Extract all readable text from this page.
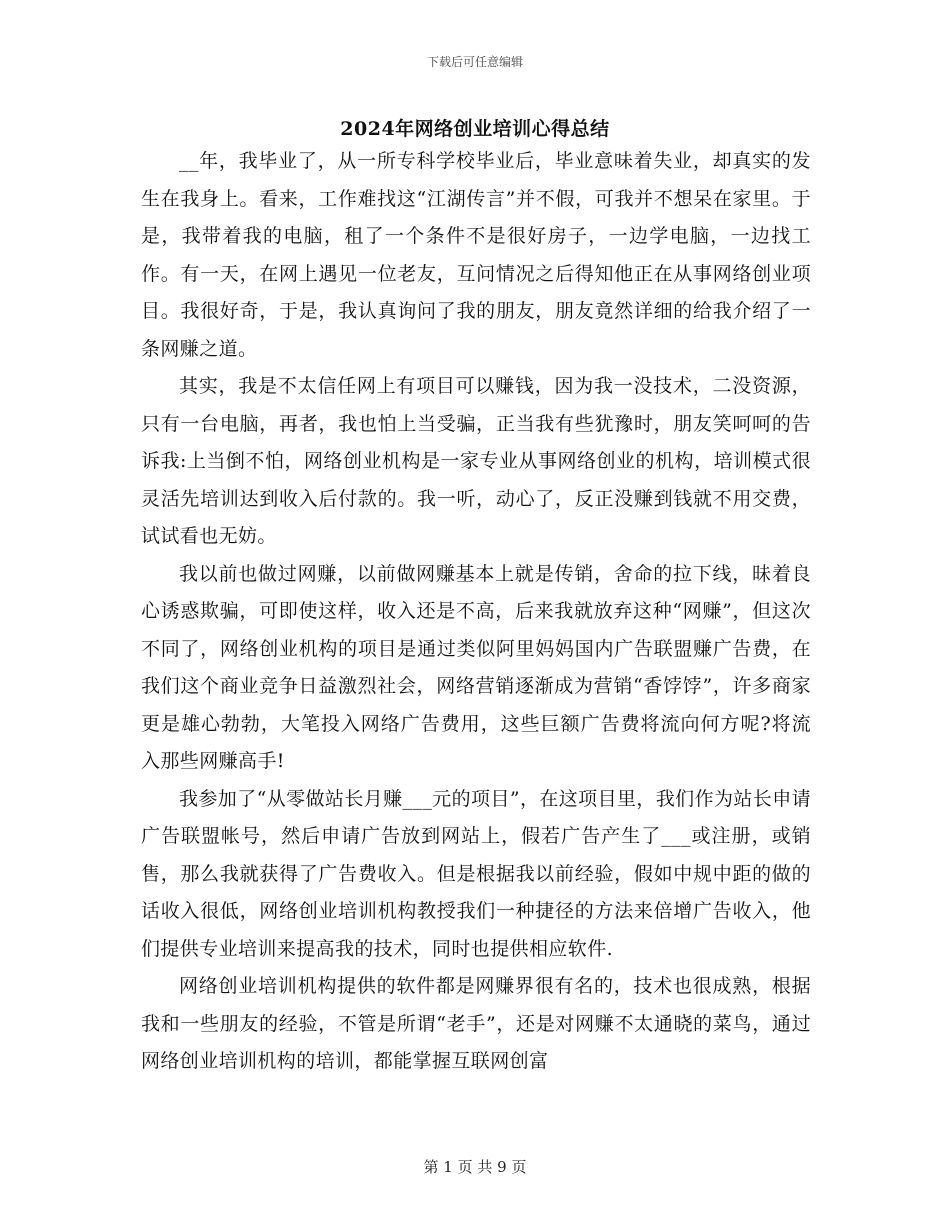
下载后可任意编辑
2024年网络创业培训心得总结

__年，我毕业了，从一所专科学校毕业后，毕业意味着失业，却真实的发生在我身上。看来，工作难找这“江湖传言”并不假，可我并不想呆在家里。于是，我带着我的电脑，租了一个条件不是很好房子，一边学电脑，一边找工作。有一天，在网上遇见一位老友，互问情况之后得知他正在从事网络创业项目。我很好奇，于是，我认真询问了我的朋友，朋友竟然详细的给我介绍了一条网赚之道。

其实，我是不太信任网上有项目可以赚钱，因为我一没技术，二没资源，只有一台电脑，再者，我也怕上当受骗，正当我有些犹豫时，朋友笑呵呵的告诉我:上当倒不怕，网络创业机构是一家专业从事网络创业的机构，培训模式很灵活先培训达到收入后付款的。我一听，动心了，反正没赚到钱就不用交费，试试看也无妨。

我以前也做过网赚，以前做网赚基本上就是传销，舍命的拉下线，昧着良心诱惑欺骗，可即使这样，收入还是不高，后来我就放弃这种“网赚”，但这次不同了，网络创业机构的项目是通过类似阿里妈妈国内广告联盟赚广告费，在我们这个商业竞争日益激烈社会，网络营销逐渐成为营销“香饽饽”，许多商家更是雄心勃勃，大笔投入网络广告费用，这些巨额广告费将流向何方呢?将流入那些网赚高手!

我参加了“从零做站长月赚___元的项目”，在这项目里，我们作为站长申请广告联盟帐号，然后申请广告放到网站上，假若广告产生了___或注册，或销售，那么我就获得了广告费收入。但是根据我以前经验，假如中规中距的做的话收入很低，网络创业培训机构教授我们一种捷径的方法来倍增广告收入，他们提供专业培训来提高我的技术，同时也提供相应软件.

网络创业培训机构提供的软件都是网赚界很有名的，技术也很成熟，根据我和一些朋友的经验，不管是所谓“老手”，还是对网赚不太通晓的菜鸟，通过网络创业培训机构的培训，都能掌握互联网创富

第 1 页 共 9 页
